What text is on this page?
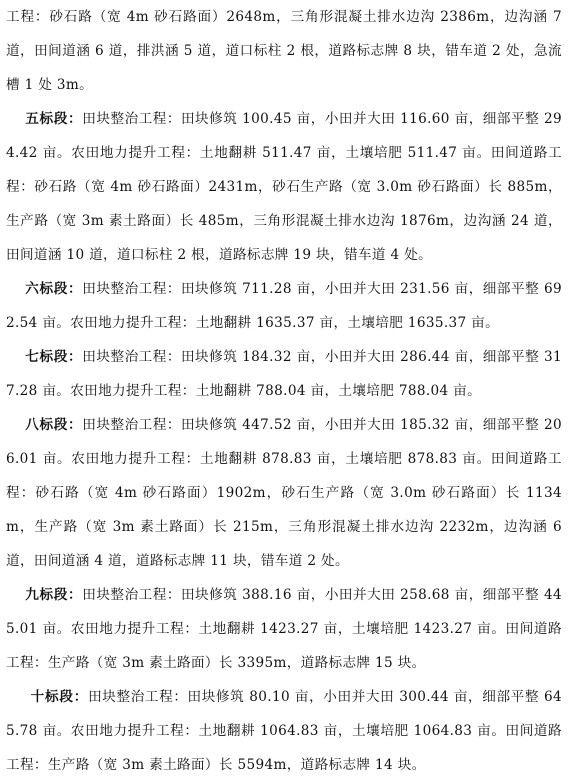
工程：砂石路（宽 4m 砂石路面）2648m，三角形混凝土排水边沟 2386m，边沟涵 7 道，田间道涵 6 道，排洪涵 5 道，道口标柱 2 根，道路标志牌 8 块，错车道 2 处，急流槽 1 处 3m。

五标段：田块整治工程：田块修筑 100.45 亩，小田并大田 116.60 亩，细部平整 294.42 亩。农田地力提升工程：土地翻耕 511.47 亩，土壤培肥 511.47 亩。田间道路工程：砂石路（宽 4m 砂石路面）2431m，砂石生产路（宽 3.0m 砂石路面）长 885m，生产路（宽 3m 素土路面）长 485m，三角形混凝土排水边沟 1876m，边沟涵 24 道，田间道涵 10 道，道口标柱 2 根，道路标志牌 19 块，错车道 4 处。

六标段：田块整治工程：田块修筑 711.28 亩，小田并大田 231.56 亩，细部平整 692.54 亩。农田地力提升工程：土地翻耕 1635.37 亩，土壤培肥 1635.37 亩。

七标段：田块整治工程：田块修筑 184.32 亩，小田并大田 286.44 亩，细部平整 317.28 亩。农田地力提升工程：土地翻耕 788.04 亩，土壤培肥 788.04 亩。

八标段：田块整治工程：田块修筑 447.52 亩，小田并大田 185.32 亩，细部平整 206.01 亩。农田地力提升工程：土地翻耕 878.83 亩，土壤培肥 878.83 亩。田间道路工程：砂石路（宽 4m 砂石路面）1902m，砂石生产路（宽 3.0m 砂石路面）长 1134m，生产路（宽 3m 素土路面）长 215m，三角形混凝土排水边沟 2232m，边沟涵 6 道，田间道涵 4 道，道路标志牌 11 块，错车道 2 处。

九标段：田块整治工程：田块修筑 388.16 亩，小田并大田 258.68 亩，细部平整 445.01 亩。农田地力提升工程：土地翻耕 1423.27 亩，土壤培肥 1423.27 亩。田间道路工程：生产路（宽 3m 素土路面）长 3395m，道路标志牌 15 块。

十标段：田块整治工程：田块修筑 80.10 亩，小田并大田 300.44 亩，细部平整 645.78 亩。农田地力提升工程：土地翻耕 1064.83 亩，土壤培肥 1064.83 亩。田间道路工程：生产路（宽 3m 素土路面）长 5594m，道路标志牌 14 块。
